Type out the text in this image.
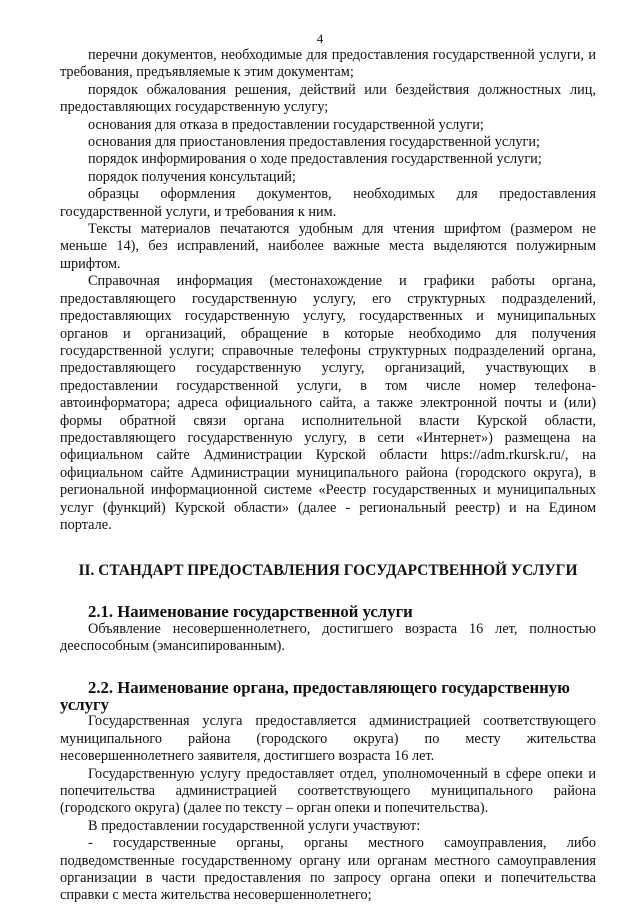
4

перечни документов, необходимые для предоставления государственной услуги, и требования, предъявляемые к этим документам;

порядок обжалования решения, действий или бездействия должностных лиц, предоставляющих государственную услугу;

основания для отказа в предоставлении государственной услуги;

основания для приостановления предоставления государственной услуги;

порядок информирования о ходе предоставления государственной услуги;

порядок получения консультаций;

образцы оформления документов, необходимых для предоставления государственной услуги, и требования к ним.

Тексты материалов печатаются удобным для чтения шрифтом (размером не меньше 14), без исправлений, наиболее важные места выделяются полужирным шрифтом.

Справочная информация (местонахождение и графики работы органа, предоставляющего государственную услугу, его структурных подразделений, предоставляющих государственную услугу, государственных и муниципальных органов и организаций, обращение в которые необходимо для получения государственной услуги; справочные телефоны структурных подразделений органа, предоставляющего государственную услугу, организаций, участвующих в предоставлении государственной услуги, в том числе номер телефона-автоинформатора; адреса официального сайта, а также электронной почты и (или) формы обратной связи органа исполнительной власти Курской области, предоставляющего государственную услугу, в сети «Интернет») размещена на официальном сайте Администрации Курской области https://adm.rkursk.ru/, на официальном сайте Администрации муниципального района (городского округа), в региональной информационной системе «Реестр государственных и муниципальных услуг (функций) Курской области» (далее - региональный реестр) и на Едином портале.

II. СТАНДАРТ ПРЕДОСТАВЛЕНИЯ ГОСУДАРСТВЕННОЙ УСЛУГИ
2.1. Наименование государственной услуги

Объявление несовершеннолетнего, достигшего возраста 16 лет, полностью дееспособным (эмансипированным).

2.2. Наименование органа, предоставляющего государственную услугу

Государственная услуга предоставляется администрацией соответствующего муниципального района (городского округа) по месту жительства несовершеннолетнего заявителя, достигшего возраста 16 лет.

Государственную услугу предоставляет отдел, уполномоченный в сфере опеки и попечительства администрацией соответствующего муниципального района (городского округа) (далее по тексту – орган опеки и попечительства).

В предоставлении государственной услуги участвуют:

- государственные органы, органы местного самоуправления, либо подведомственные государственному органу или органам местного самоуправления организации в части предоставления по запросу органа опеки и попечительства справки с места жительства несовершеннолетнего;
